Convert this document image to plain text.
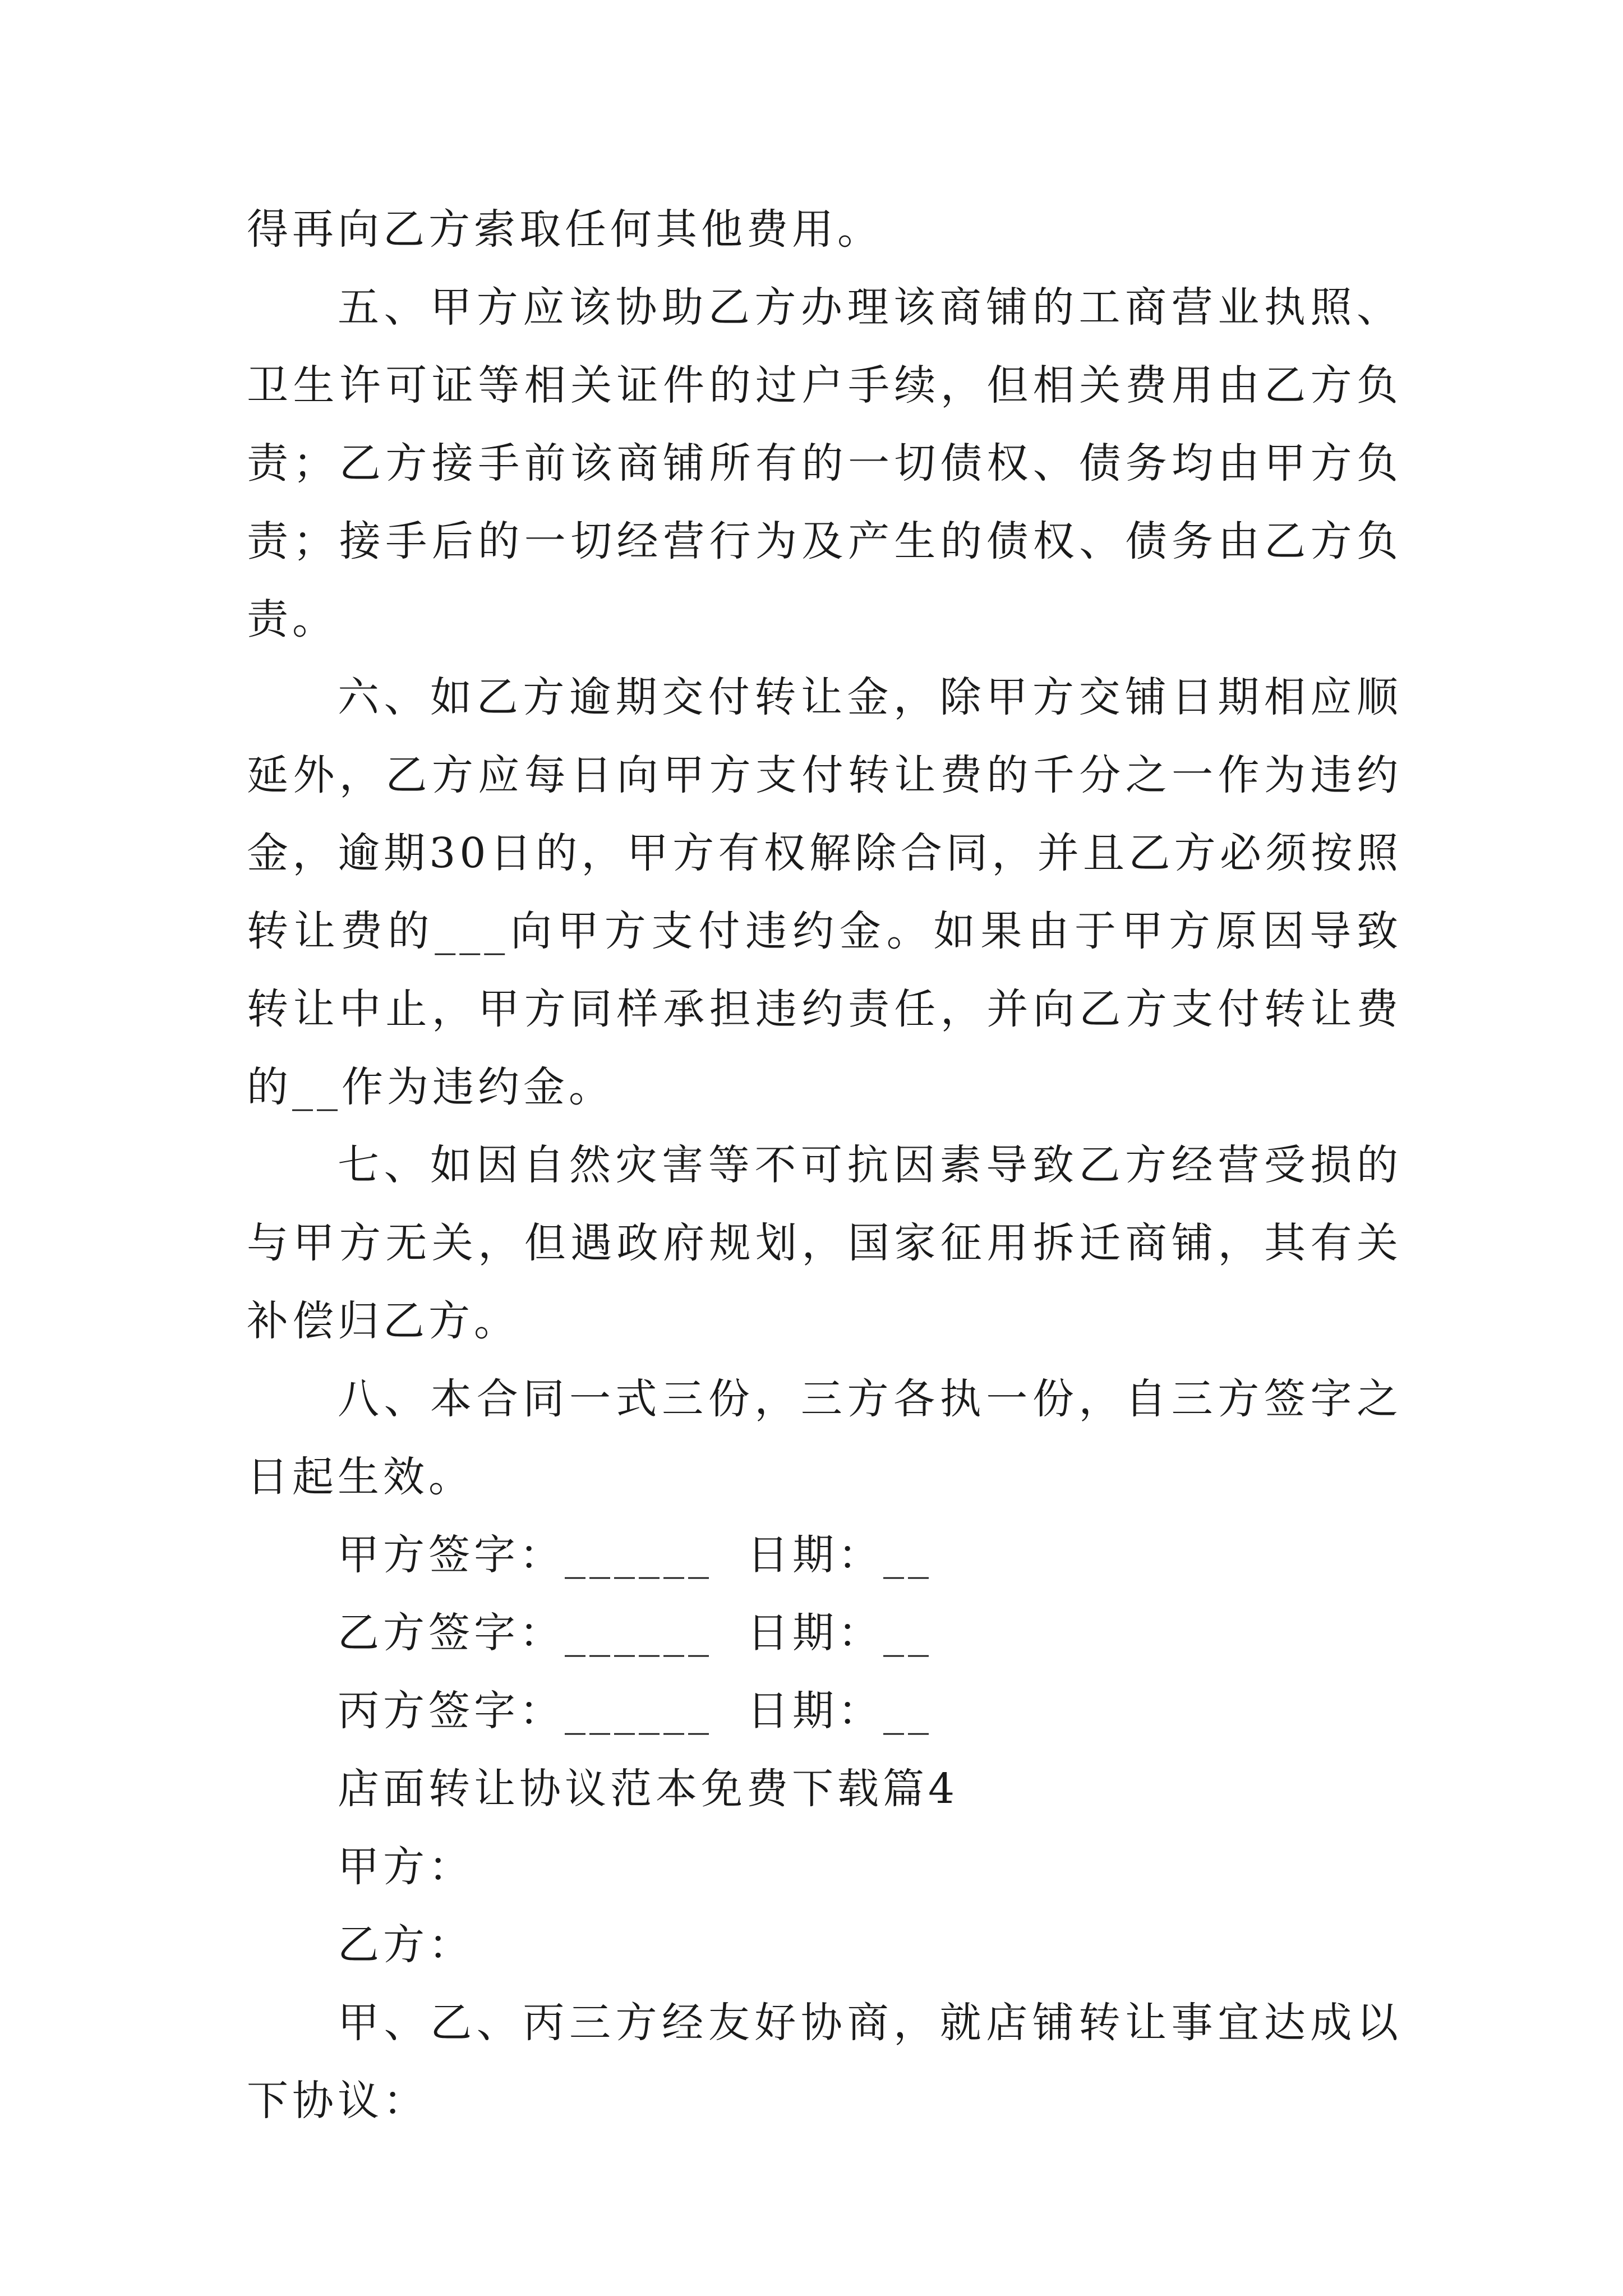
得再向乙方索取任何其他费用。

五、甲方应该协助乙方办理该商铺的工商营业执照、卫生许可证等相关证件的过户手续，但相关费用由乙方负责；乙方接手前该商铺所有的一切债权、债务均由甲方负责；接手后的一切经营行为及产生的债权、债务由乙方负责。

六、如乙方逾期交付转让金，除甲方交铺日期相应顺延外，乙方应每日向甲方支付转让费的千分之一作为违约金，逾期30日的，甲方有权解除合同，并且乙方必须按照 转让费的___向甲方支付违约金。如果由于甲方原因导致转让中止，甲方同样承担违约责任，并向乙方支付转让费的__作为违约金。

七、如因自然灾害等不可抗因素导致乙方经营受损的与甲方无关，但遇政府规划，国家征用拆迁商铺，其有关补偿归乙方。

八、本合同一式三份，三方各执一份，自三方签字之日起生效。

甲方签字：______ 日期：__

乙方签字：______ 日期：__

丙方签字：______ 日期：__

店面转让协议范本免费下载篇4

甲方：

乙方：

甲、乙、丙三方经友好协商，就店铺转让事宜达成以下协议：
